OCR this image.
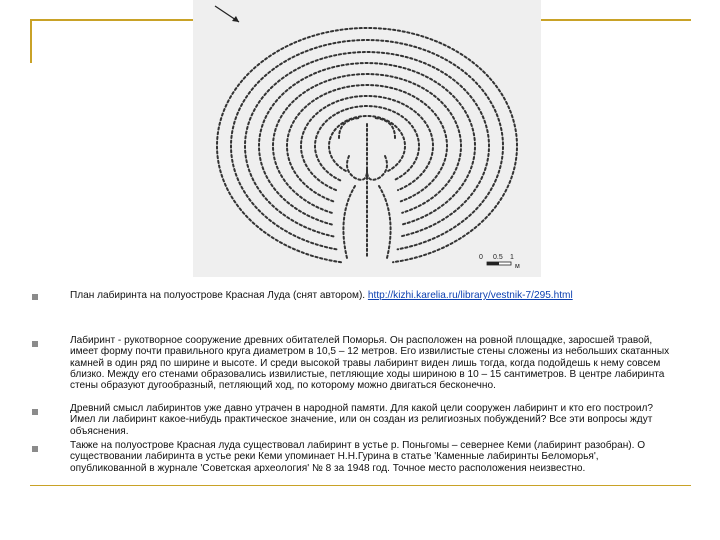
0 0.5 1
м
План лабиринта на полуострове Красная Луда (снят автором). http://kizhi.karelia.ru/library/vestnik-7/295.html
Лабиринт - рукотворное сооружение древних обитателей Поморья. Он расположен на ровной площадке, заросшей травой, имеет форму почти правильного круга диаметром в 10,5 – 12 метров. Его извилистые стены сложены из небольших скатанных камней в один ряд по ширине и высоте. И среди высокой травы лабиринт виден лишь тогда, когда подойдешь к нему совсем близко. Между его стенами образовались извилистые, петляющие ходы шириною в 10 – 15 сантиметров. В центре лабиринта стены образуют дугообразный, петляющий ход, по которому можно двигаться бесконечно.
Древний смысл лабиринтов уже давно утрачен в народной памяти. Для какой цели сооружен лабиринт и кто его построил? Имел ли лабиринт какое-нибудь практическое значение, или он создан из религиозных побуждений? Все эти вопросы ждут объяснения.
Также на полуострове Красная луда существовал лабиринт в устье р. Поньгомы – севернее Кеми (лабиринт разобран). О существовании лабиринта в устье реки Кеми упоминает Н.Н.Гурина в статье 'Каменные лабиринты Беломорья', опубликованной в журнале 'Советская археология' № 8 за 1948 год. Точное место расположения неизвестно.
